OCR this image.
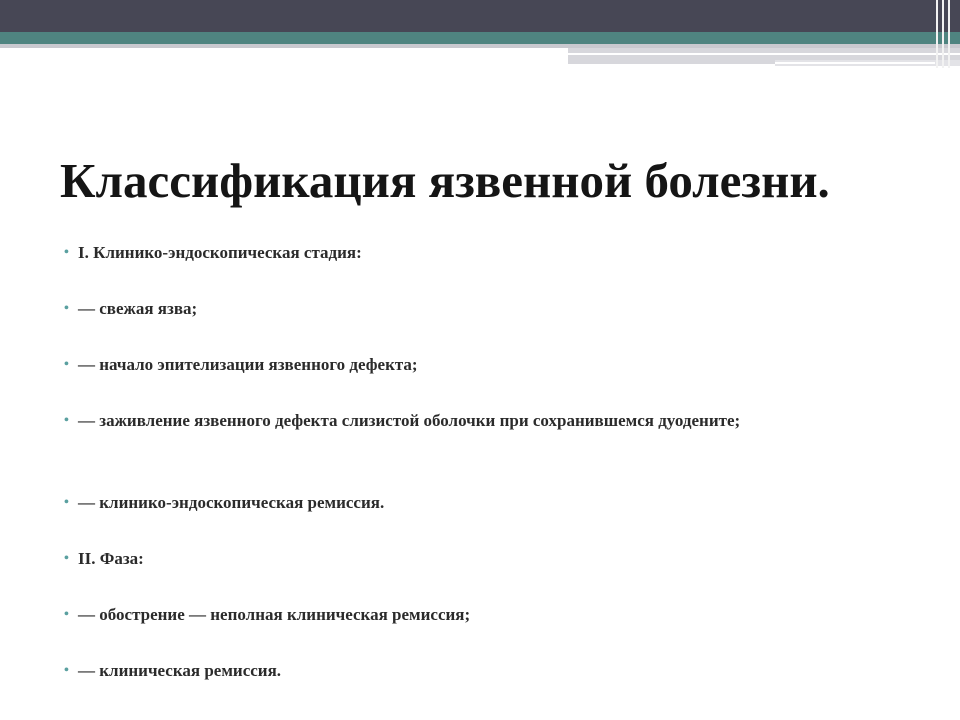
Классификация язвенной болезни.
• I. Клинико-эндоскопическая стадия:
• — свежая язва;
• — начало эпителизации язвенного дефекта;
• — заживление язвенного дефекта слизистой оболочки при сохранившемся дуодените;
• — клинико-эндоскопическая ремиссия.
• II. Фаза:
• — обострение — неполная клиническая ремиссия;
• — клиническая ремиссия.
